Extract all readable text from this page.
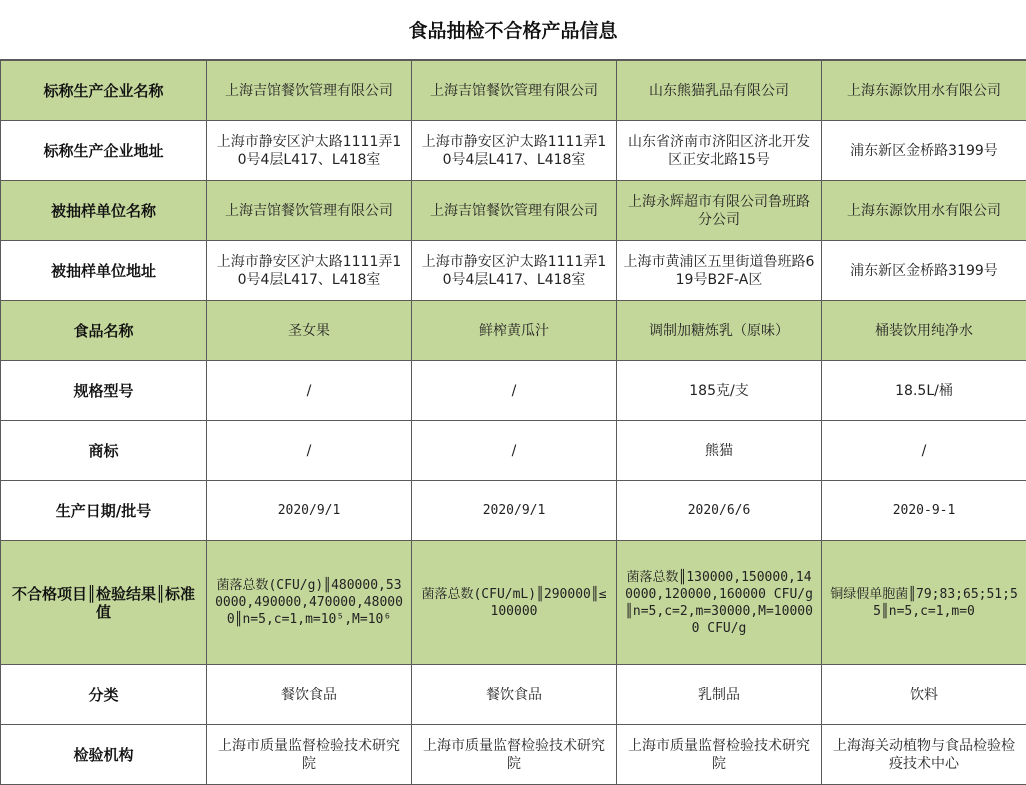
食品抽检不合格产品信息
标称生产企业名称	上海吉馆餐饮管理有限公司	上海吉馆餐饮管理有限公司	山东熊猫乳品有限公司	上海东源饮用水有限公司
标称生产企业地址	上海市静安区沪太路1111弄10号4层L417、L418室	上海市静安区沪太路1111弄10号4层L417、L418室	山东省济南市济阳区济北开发区正安北路15号	浦东新区金桥路3199号
被抽样单位名称	上海吉馆餐饮管理有限公司	上海吉馆餐饮管理有限公司	上海永辉超市有限公司鲁班路分公司	上海东源饮用水有限公司
被抽样单位地址	上海市静安区沪太路1111弄10号4层L417、L418室	上海市静安区沪太路1111弄10号4层L417、L418室	上海市黄浦区五里街道鲁班路619号B2F-A区	浦东新区金桥路3199号
食品名称	圣女果	鲜榨黄瓜汁	调制加糖炼乳（原味）	桶装饮用纯净水
规格型号	/	/	185克/支	18.5L/桶
商标	/	/	熊猫	/
生产日期/批号	2020/9/1	2020/9/1	2020/6/6	2020-9-1
不合格项目║检验结果║标准值	菌落总数(CFU/g)║480000,530000,490000,470000,480000║n=5,c=1,m=10⁵,M=10⁶	菌落总数(CFU/mL)║290000║≤100000	菌落总数║130000,150000,140000,120000,160000 CFU/g║n=5,c=2,m=30000,M=100000 CFU/g	铜绿假单胞菌║79;83;65;51;55║n=5,c=1,m=0
分类	餐饮食品	餐饮食品	乳制品	饮料
检验机构	上海市质量监督检验技术研究院	上海市质量监督检验技术研究院	上海市质量监督检验技术研究院	上海海关动植物与食品检验检疫技术中心
